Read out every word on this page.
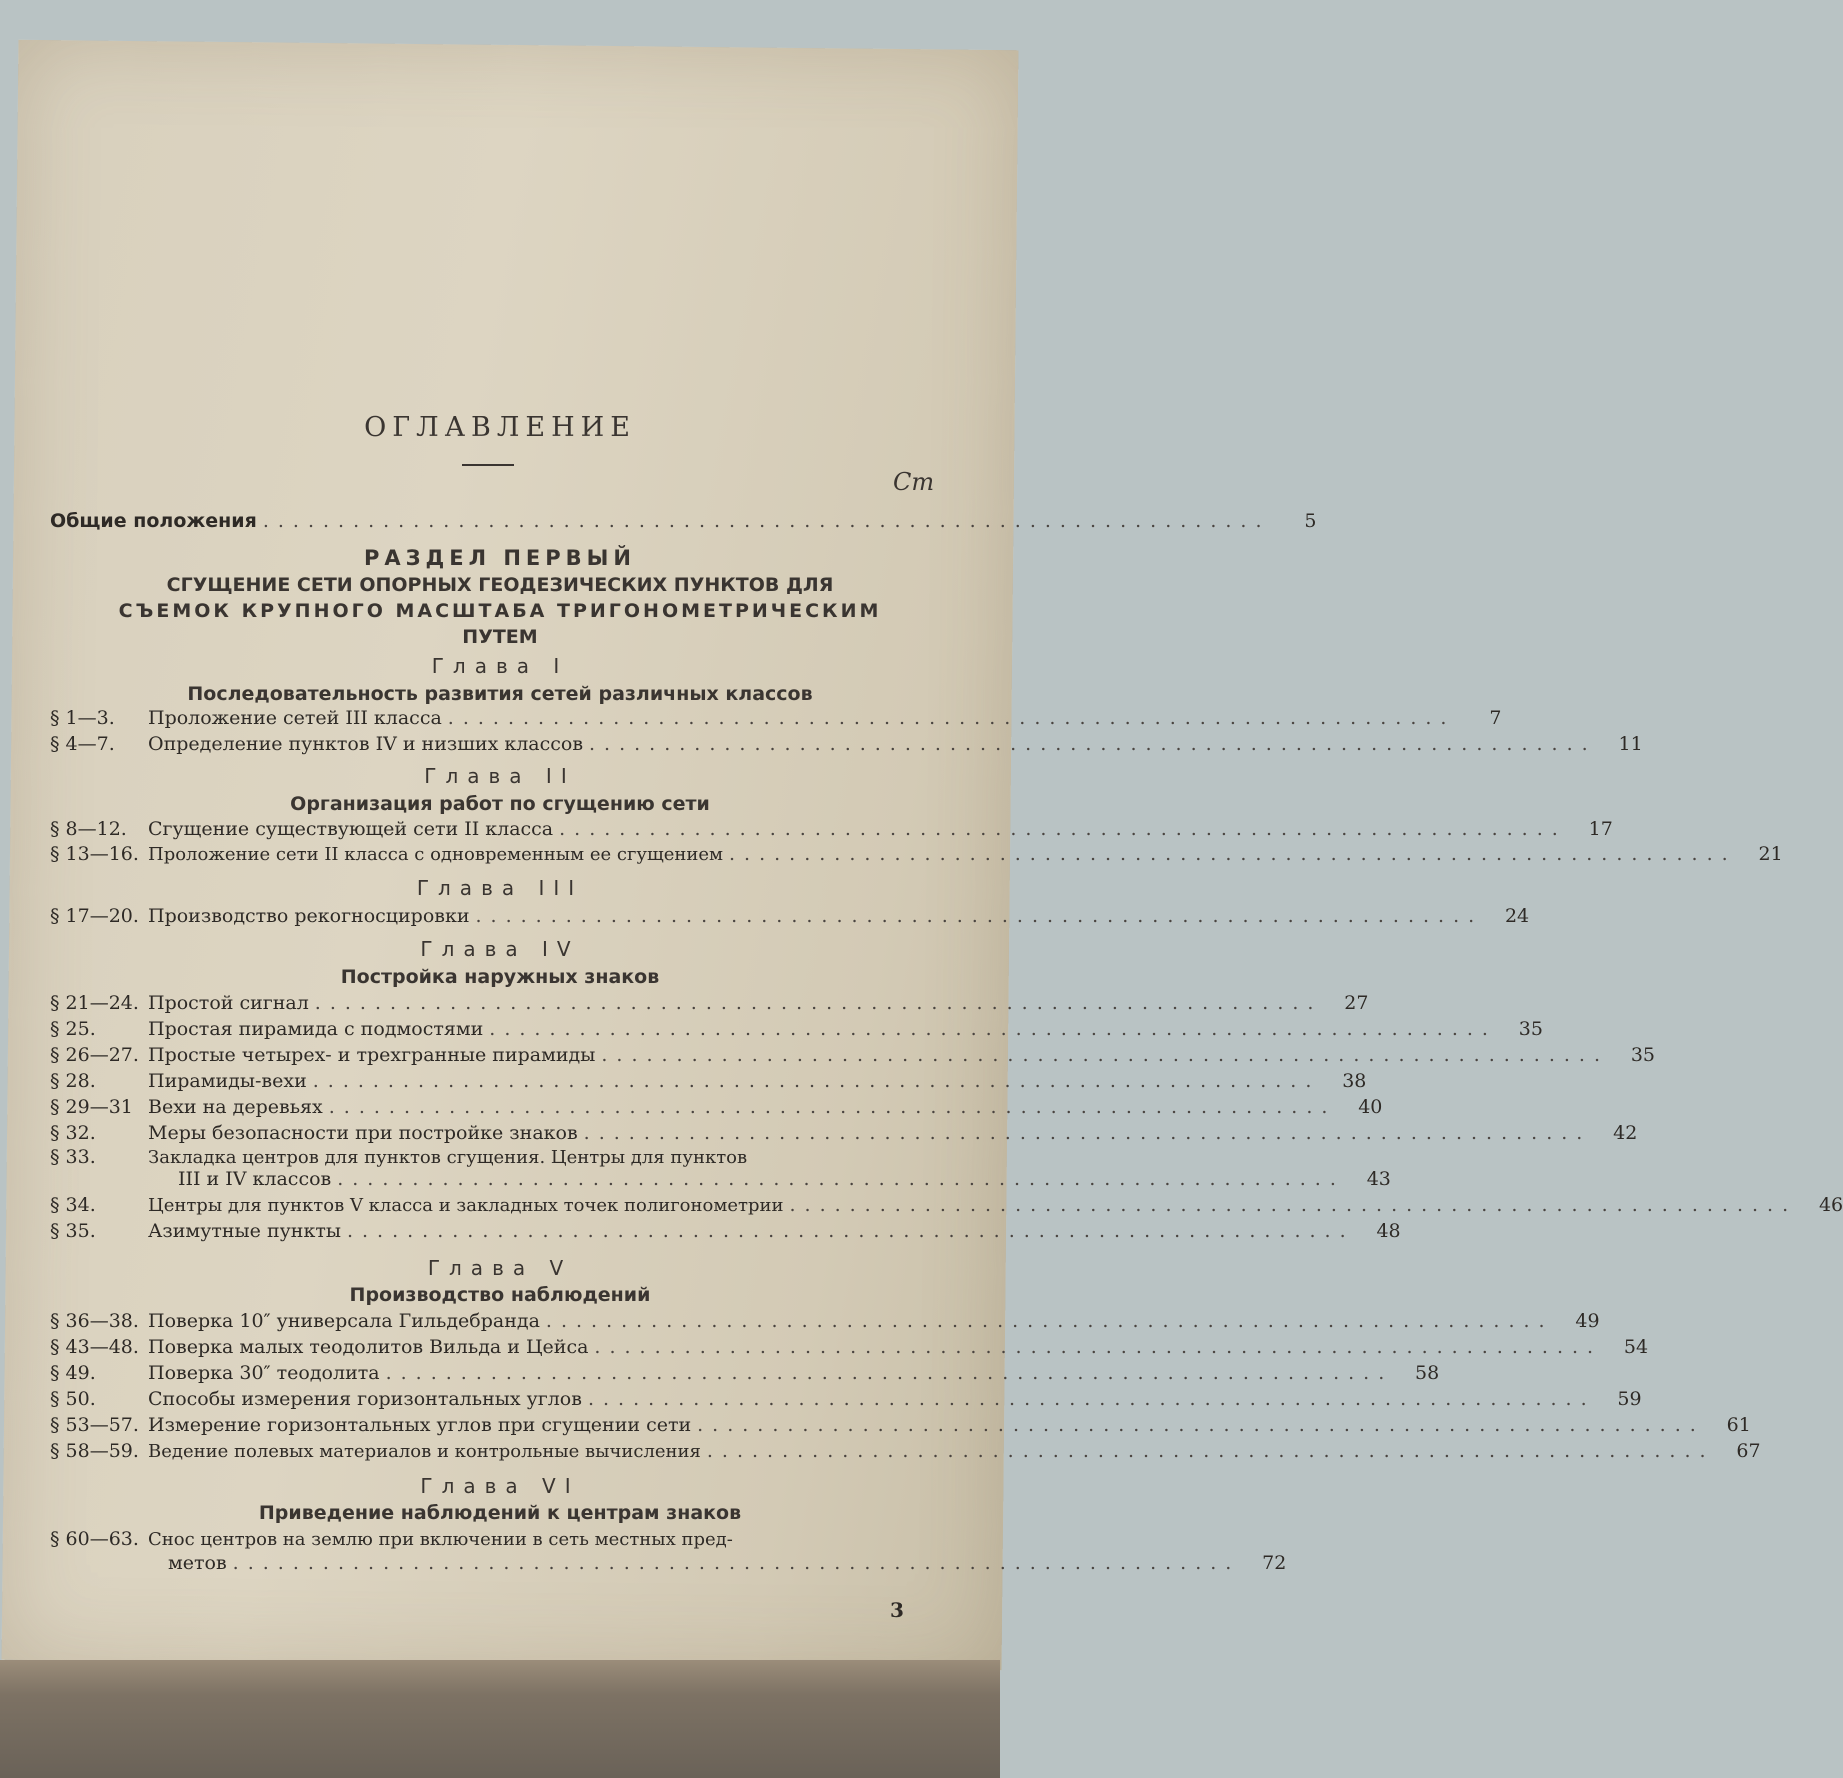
ОГЛАВЛЕНИЕ
Ст
Общие положения ...................................................................	5
РАЗДЕЛ ПЕРВЫЙ
СГУЩЕНИЕ СЕТИ ОПОРНЫХ ГЕОДЕЗИЧЕСКИХ ПУНКТОВ ДЛЯ
СЪЕМОК КРУПНОГО МАСШТАБА ТРИГОНОМЕТРИЧЕСКИМ
ПУТЕМ
Глава I
Последовательность развития сетей различных классов
§ 1—3.	Проложение сетей III класса ...................................................................	7
§ 4—7.	Определение пунктов IV и низших классов ...................................................................	11
Глава II
Организация работ по сгущению сети
§ 8—12.	Сгущение существующей сети II класса ...................................................................	17
§ 13—16. Проложение сети II класса с одновременным ее сгущением ...................................................................	21
Глава III
§ 17—20. Производство рекогносцировки ...................................................................	24
Глава IV
Постройка наружных знаков
§ 21—24. Простой сигнал ...................................................................	27
§ 25.	Простая пирамида с подмостями ...................................................................	35
§ 26—27. Простые четырех- и трехгранные пирамиды ...................................................................	35
§ 28.	Пирамиды-вехи ...................................................................	38
§ 29—31 Вехи на деревьях ...................................................................	40
§ 32.	Меры безопасности при постройке знаков ...................................................................	42
§ 33.	Закладка центров для пунктов сгущения. Центры для пунктов
III и IV классов ...................................................................	43
§ 34.	Центры для пунктов V класса и закладных точек полигонометрии ...................................................................	46
§ 35.	Азимутные пункты ...................................................................	48
Глава V
Производство наблюдений
§ 36—38. Поверка 10″ универсала Гильдебранда ...................................................................	49
§ 43—48. Поверка малых теодолитов Вильда и Цейса ...................................................................	54
§ 49.	Поверка 30″ теодолита ...................................................................	58
§ 50.	Способы измерения горизонтальных углов ...................................................................	59
§ 53—57. Измерение горизонтальных углов при сгущении сети ...................................................................	61
§ 58—59. Ведение полевых материалов и контрольные вычисления ...................................................................	67
Глава VI
Приведение наблюдений к центрам знаков
§ 60—63. Снос центров на землю при включении в сеть местных пред-
метов ...................................................................	72
3
